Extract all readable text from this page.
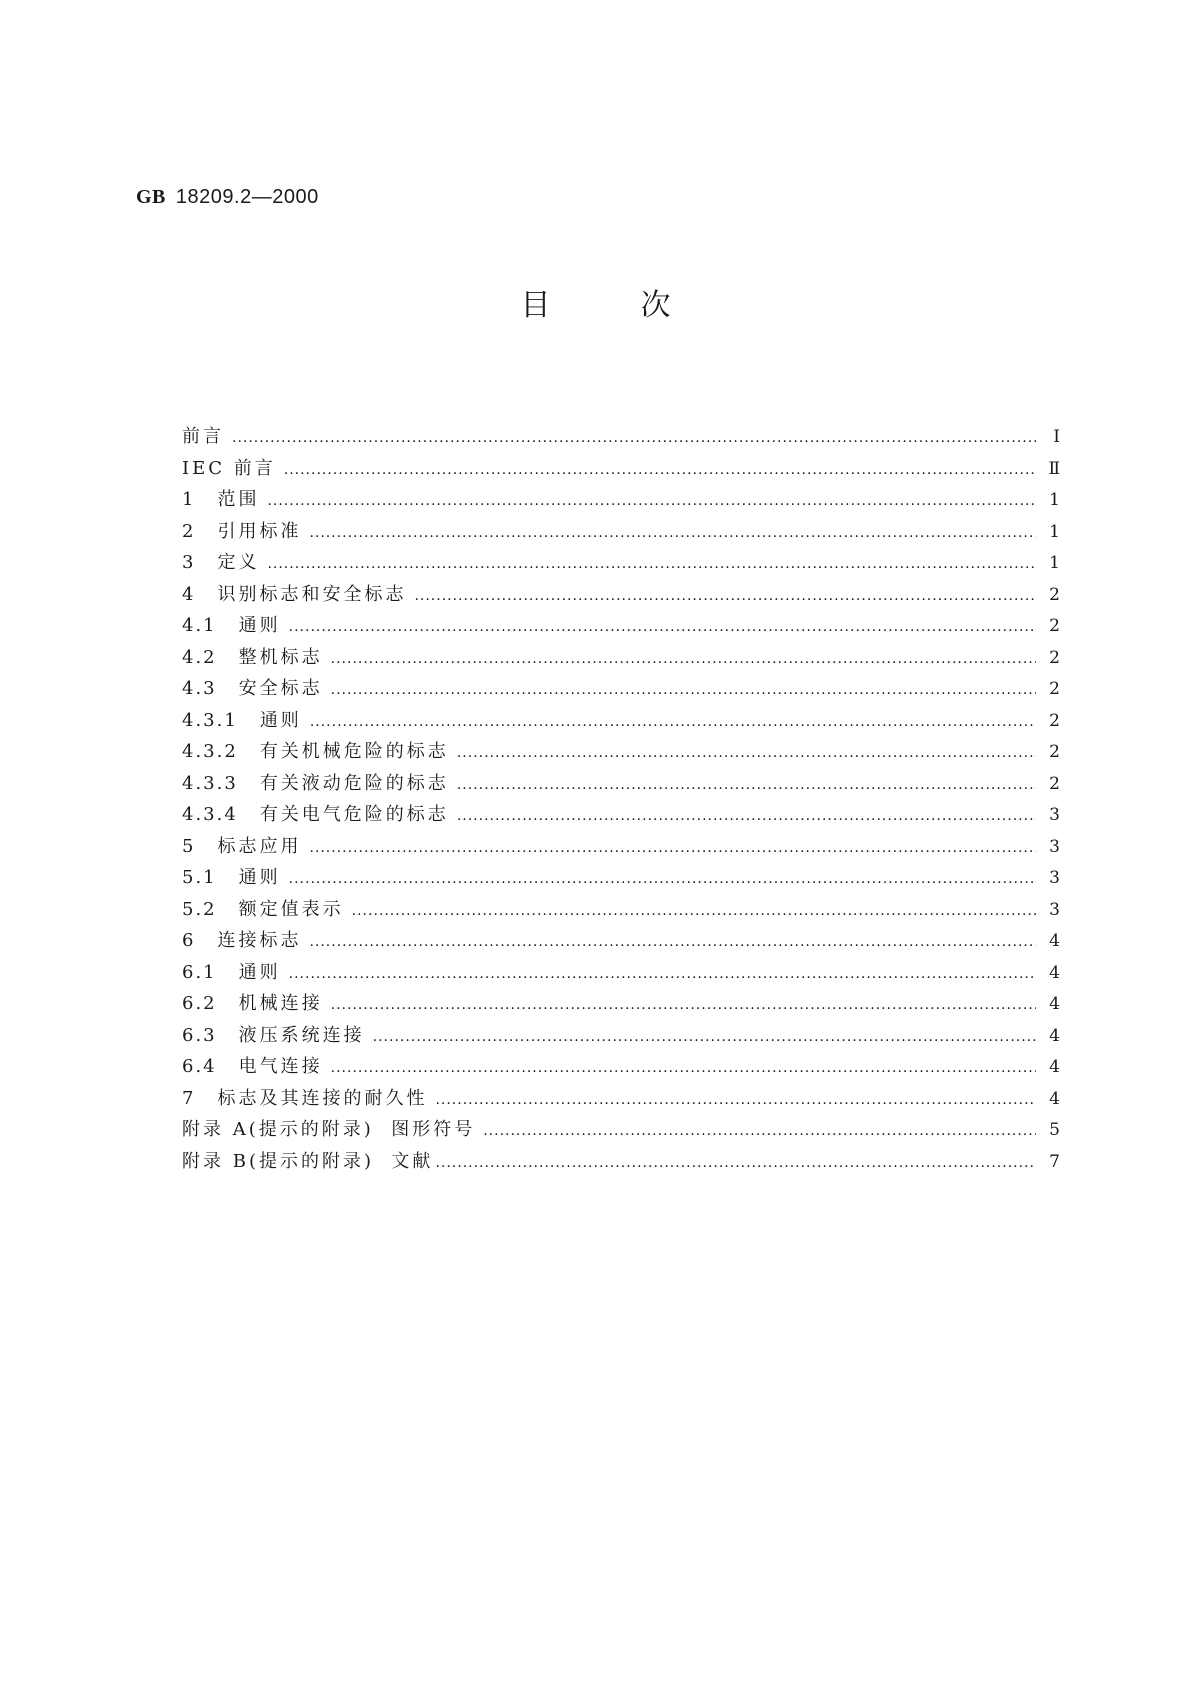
GB 18209.2—2000
目	次
前言 .....	Ⅰ
IEC 前言 .....	Ⅱ
1 范围 .....	1
2 引用标准 .....	1
3 定义 .....	1
4 识别标志和安全标志 .....	2
4.1 通则 .....	2
4.2 整机标志 .....	2
4.3 安全标志 .....	2
4.3.1 通则 .....	2
4.3.2 有关机械危险的标志 .....	2
4.3.3 有关液动危险的标志 .....	2
4.3.4 有关电气危险的标志 .....	3
5 标志应用 .....	3
5.1 通则 .....	3
5.2 额定值表示 .....	3
6 连接标志 .....	4
6.1 通则 .....	4
6.2 机械连接 .....	4
6.3 液压系统连接 .....	4
6.4 电气连接 .....	4
7 标志及其连接的耐久性 .....	4
附录 A(提示的附录)  图形符号 .....	5
附录 B(提示的附录)  文献 .....	7
